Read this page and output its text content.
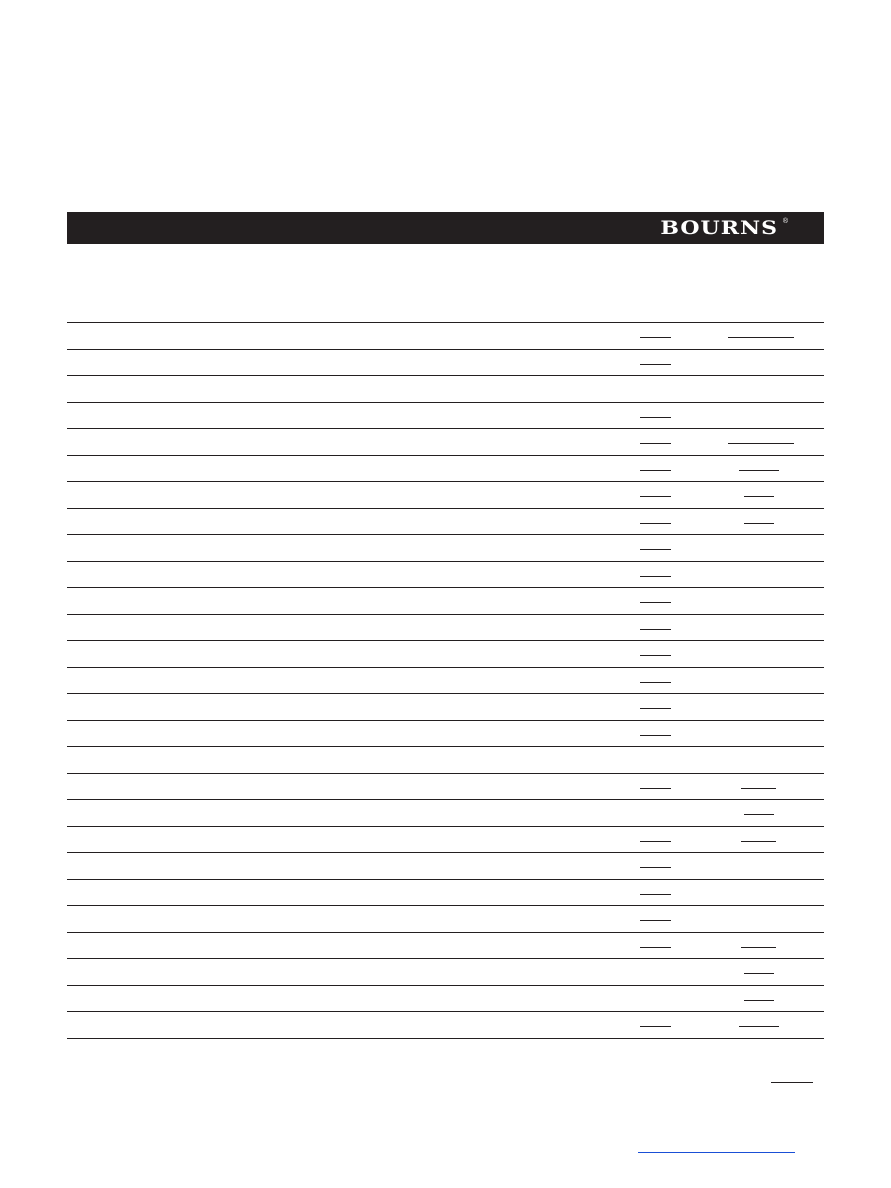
BOURNS ®
